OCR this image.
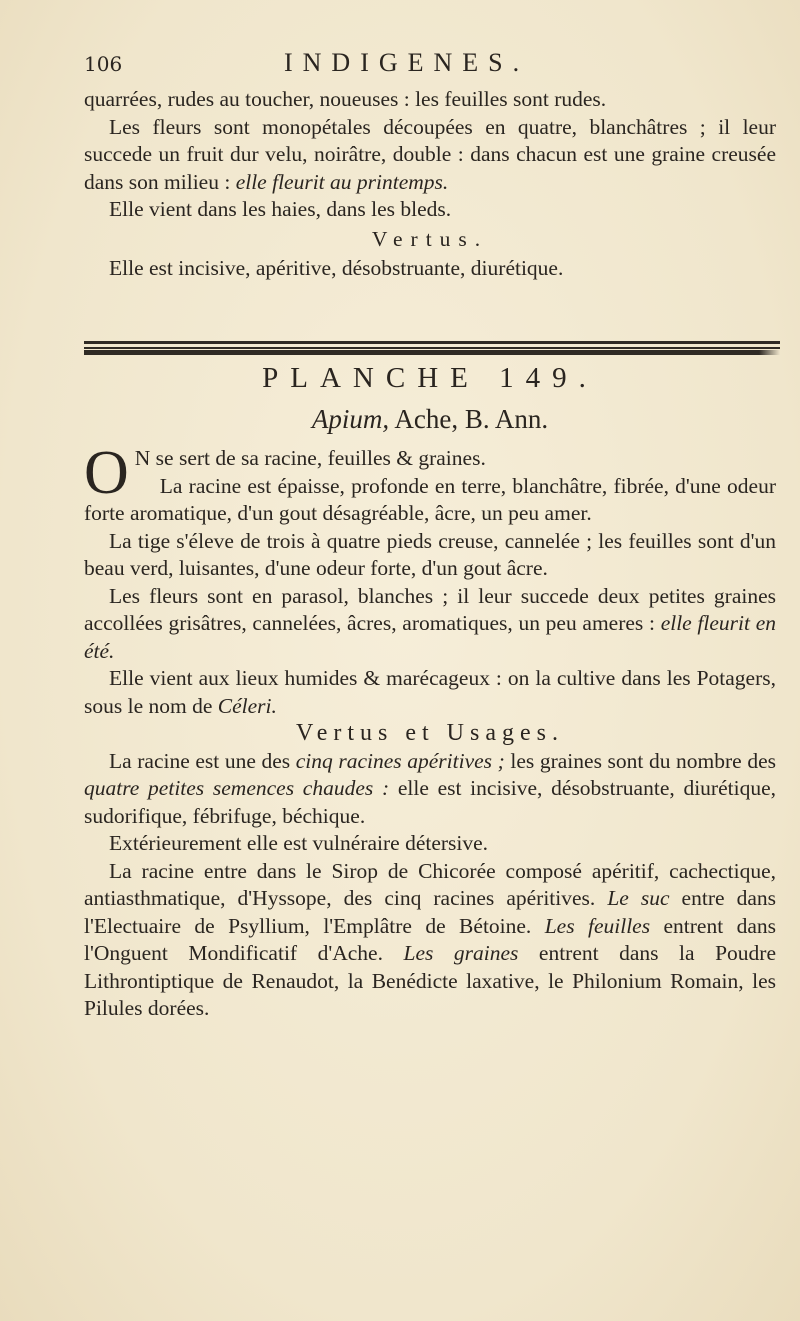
106	INDIGENES.

quarrées, rudes au toucher, noueuses : les feuilles sont rudes.

Les fleurs sont monopétales découpées en quatre, blanchâtres ; il leur succede un fruit dur velu, noirâtre, double : dans chacun est une graine creusée dans son milieu : elle fleurit au printemps.

Elle vient dans les haies, dans les bleds.

Vertus.

Elle est incisive, apéritive, désobstruante, diurétique.

PLANCHE 149.
Apium, Ache, B. Ann.

O N se sert de sa racine, feuilles & graines.

La racine est épaisse, profonde en terre, blanchâtre, fibrée, d'une odeur forte aromatique, d'un gout désagréable, âcre, un peu amer.

La tige s'éleve de trois à quatre pieds creuse, cannelée ; les feuilles sont d'un beau verd, luisantes, d'une odeur forte, d'un gout âcre.

Les fleurs sont en parasol, blanches ; il leur succede deux petites graines accollées grisâtres, cannelées, âcres, aromatiques, un peu ameres : elle fleurit en été.

Elle vient aux lieux humides & marécageux : on la cultive dans les Potagers, sous le nom de Céleri.

Vertus et Usages.

La racine est une des cinq racines apéritives ; les graines sont du nombre des quatre petites semences chaudes : elle est incisive, désobstruante, diurétique, sudorifique, fébrifuge, béchique.

Extérieurement elle est vulnéraire détersive.

La racine entre dans le Sirop de Chicorée composé apéritif, cachectique, antiasthmatique, d'Hyssope, des cinq racines apéritives. Le suc entre dans l'Electuaire de Psyllium, l'Emplâtre de Bétoine. Les feuilles entrent dans l'Onguent Mondificatif d'Ache. Les graines entrent dans la Poudre Lithrontiptique de Renaudot, la Benédicte laxative, le Philonium Romain, les Pilules dorées.
